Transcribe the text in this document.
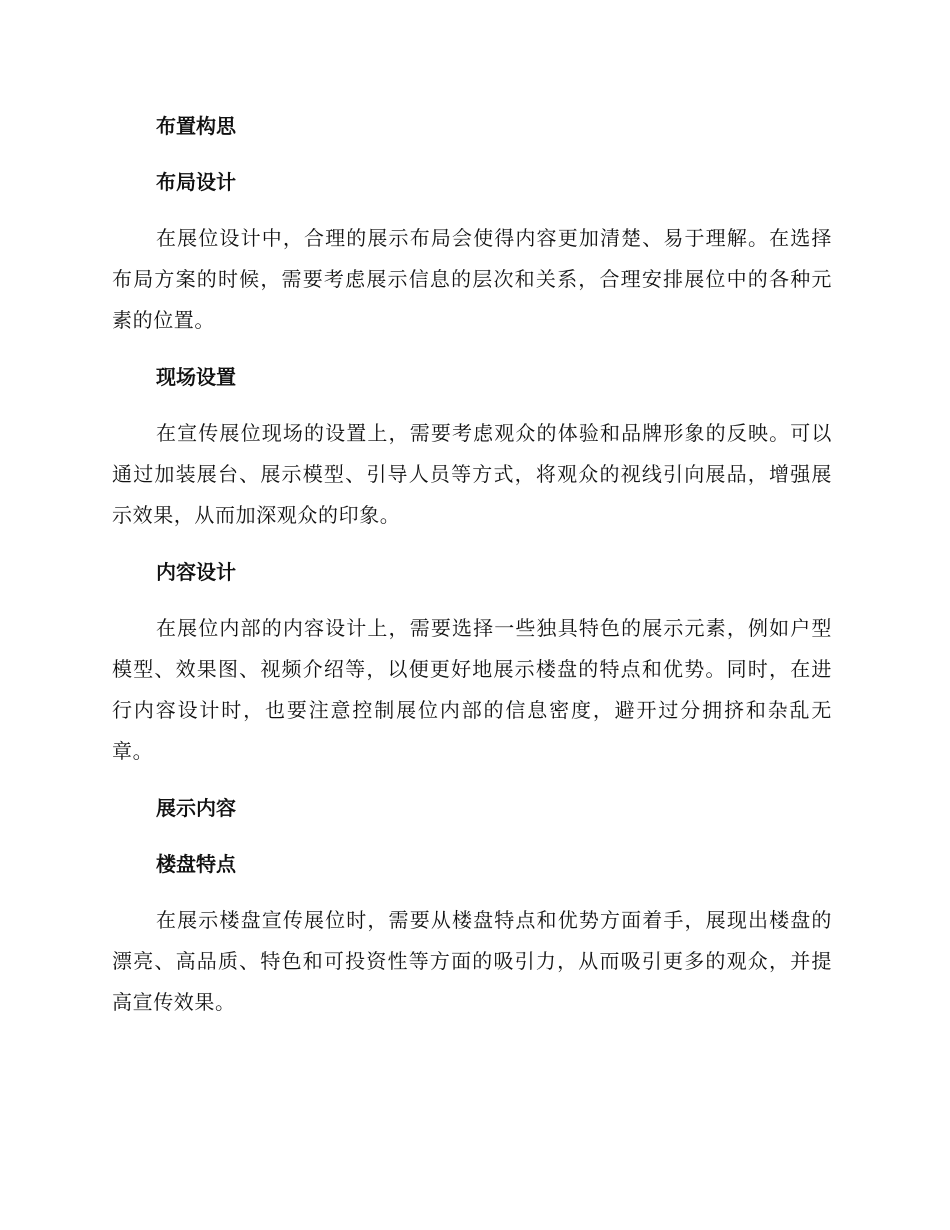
布置构思
布局设计

在展位设计中，合理的展示布局会使得内容更加清楚、易于理解。在选择布局方案的时候，需要考虑展示信息的层次和关系，合理安排展位中的各种元素的位置。

现场设置

在宣传展位现场的设置上，需要考虑观众的体验和品牌形象的反映。可以通过加装展台、展示模型、引导人员等方式，将观众的视线引向展品，增强展示效果，从而加深观众的印象。

内容设计

在展位内部的内容设计上，需要选择一些独具特色的展示元素，例如户型模型、效果图、视频介绍等，以便更好地展示楼盘的特点和优势。同时，在进行内容设计时，也要注意控制展位内部的信息密度，避开过分拥挤和杂乱无章。

展示内容
楼盘特点

在展示楼盘宣传展位时，需要从楼盘特点和优势方面着手，展现出楼盘的漂亮、高品质、特色和可投资性等方面的吸引力，从而吸引更多的观众，并提高宣传效果。
